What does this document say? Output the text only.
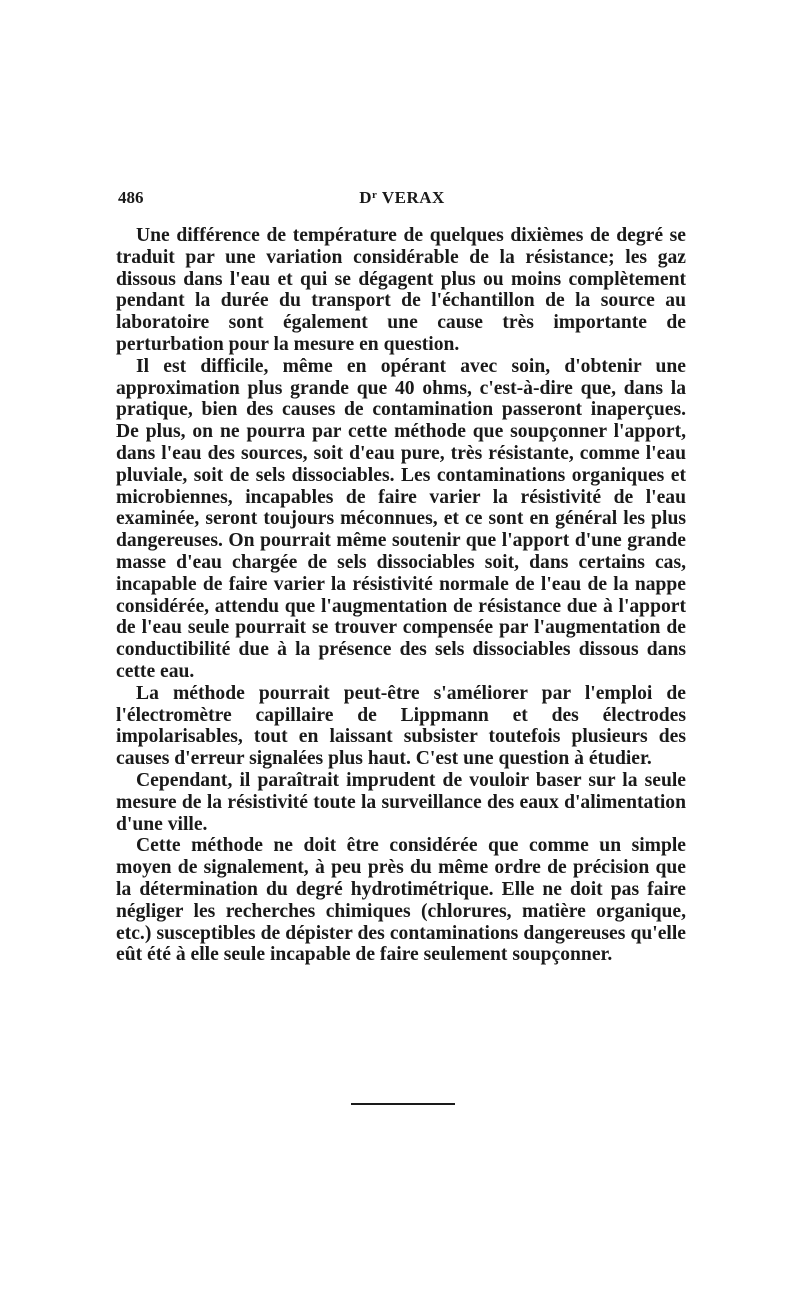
486	$D^r$ VERAX

Une différence de température de quelques dixièmes de degré se traduit par une variation considérable de la résistance; les gaz dissous dans l'eau et qui se dégagent plus ou moins complètement pendant la durée du transport de l'échantillon de la source au laboratoire sont également une cause très importante de perturbation pour la mesure en question.

Il est difficile, même en opérant avec soin, d'obtenir une approximation plus grande que 40 ohms, c'est-à-dire que, dans la pratique, bien des causes de contamination passeront inaperçues. De plus, on ne pourra par cette méthode que soupçonner l'apport, dans l'eau des sources, soit d'eau pure, très résistante, comme l'eau pluviale, soit de sels dissociables. Les contaminations organiques et microbiennes, incapables de faire varier la résistivité de l'eau examinée, seront toujours méconnues, et ce sont en général les plus dangereuses. On pourrait même soutenir que l'apport d'une grande masse d'eau chargée de sels dissociables soit, dans certains cas, incapable de faire varier la résistivité normale de l'eau de la nappe considérée, attendu que l'augmentation de résistance due à l'apport de l'eau seule pourrait se trouver compensée par l'augmentation de conductibilité due à la présence des sels dissociables dissous dans cette eau.

La méthode pourrait peut-être s'améliorer par l'emploi de l'électromètre capillaire de Lippmann et des électrodes impolarisables, tout en laissant subsister toutefois plusieurs des causes d'erreur signalées plus haut. C'est une question à étudier.

Cependant, il paraîtrait imprudent de vouloir baser sur la seule mesure de la résistivité toute la surveillance des eaux d'alimentation d'une ville.

Cette méthode ne doit être considérée que comme un simple moyen de signalement, à peu près du même ordre de précision que la détermination du degré hydrotimétrique. Elle ne doit pas faire négliger les recherches chimiques (chlorures, matière organique, etc.) susceptibles de dépister des contaminations dangereuses qu'elle eût été à elle seule incapable de faire seulement soupçonner.
